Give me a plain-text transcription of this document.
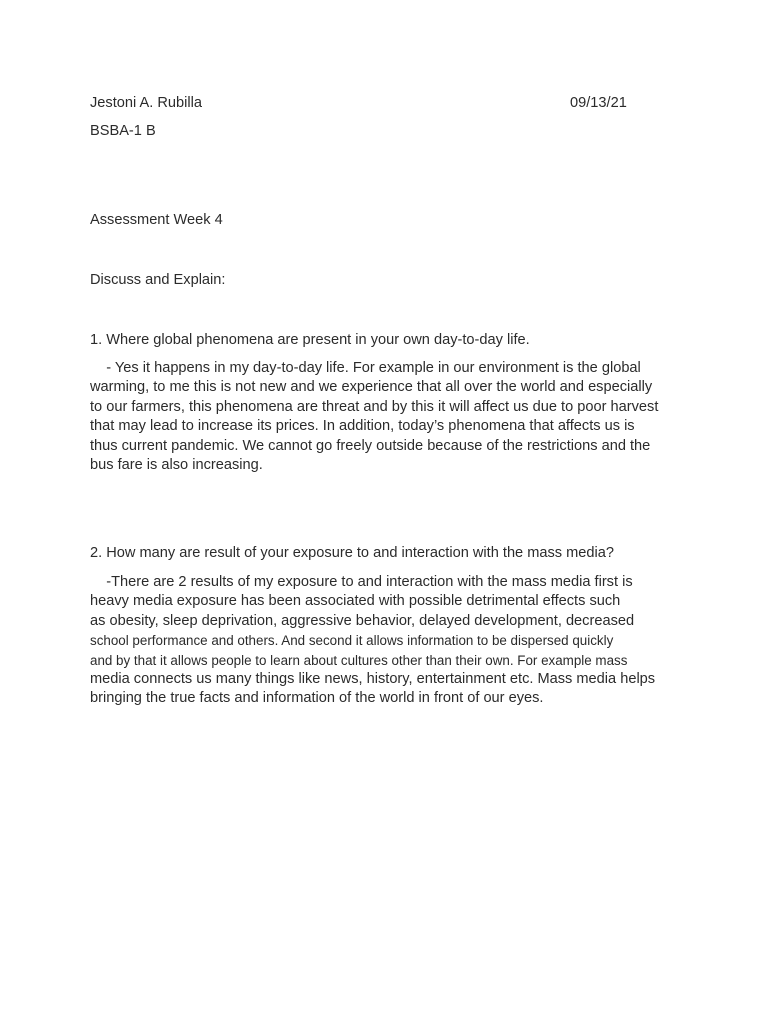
Jestoni A. Rubilla	09/13/21
BSBA-1 B
Assessment Week 4
Discuss and Explain:
1. Where global phenomena are present in your own day-to-day life.
- Yes it happens in my day-to-day life. For example in our environment is the global
warming, to me this is not new and we experience that all over the world and especially
to our farmers, this phenomena are threat and by this it will affect us due to poor harvest
that may lead to increase its prices. In addition, today’s phenomena that affects us is
thus current pandemic. We cannot go freely outside because of the restrictions and the
bus fare is also increasing.
2. How many are result of your exposure to and interaction with the mass media?
-There are 2 results of my exposure to and interaction with the mass media first is
heavy media exposure has been associated with possible detrimental effects such
as obesity, sleep deprivation, aggressive behavior, delayed development, decreased
school performance and others. And second it allows information to be dispersed quickly
and by that it allows people to learn about cultures other than their own. For example mass
media connects us many things like news, history, entertainment etc. Mass media helps
bringing the true facts and information of the world in front of our eyes.
